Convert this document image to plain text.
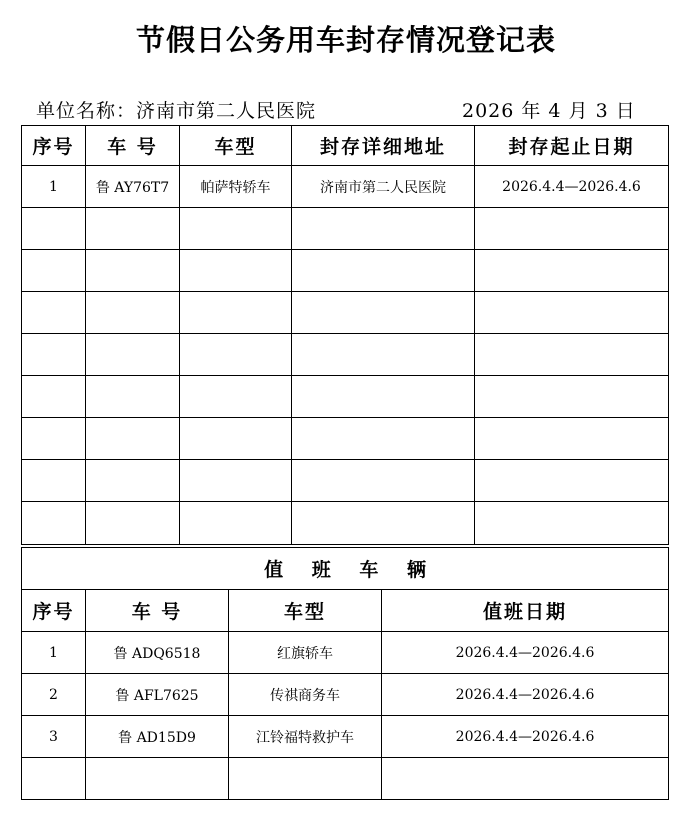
节假日公务用车封存情况登记表
单位名称：济南市第二人民医院	2026 年 4 月 3 日
序号	车 号	车型	封存详细地址	封存起止日期
1	鲁 AY76T7	帕萨特轿车	济南市第二人民医院	2026.4.4—2026.4.6

值 班 车 辆			
序号	车 号	车型	值班日期
1	鲁 ADQ6518	红旗轿车	2026.4.4—2026.4.6
2	鲁 AFL7625	传祺商务车	2026.4.4—2026.4.6
3	鲁 AD15D9	江铃福特救护车	2026.4.4—2026.4.6
